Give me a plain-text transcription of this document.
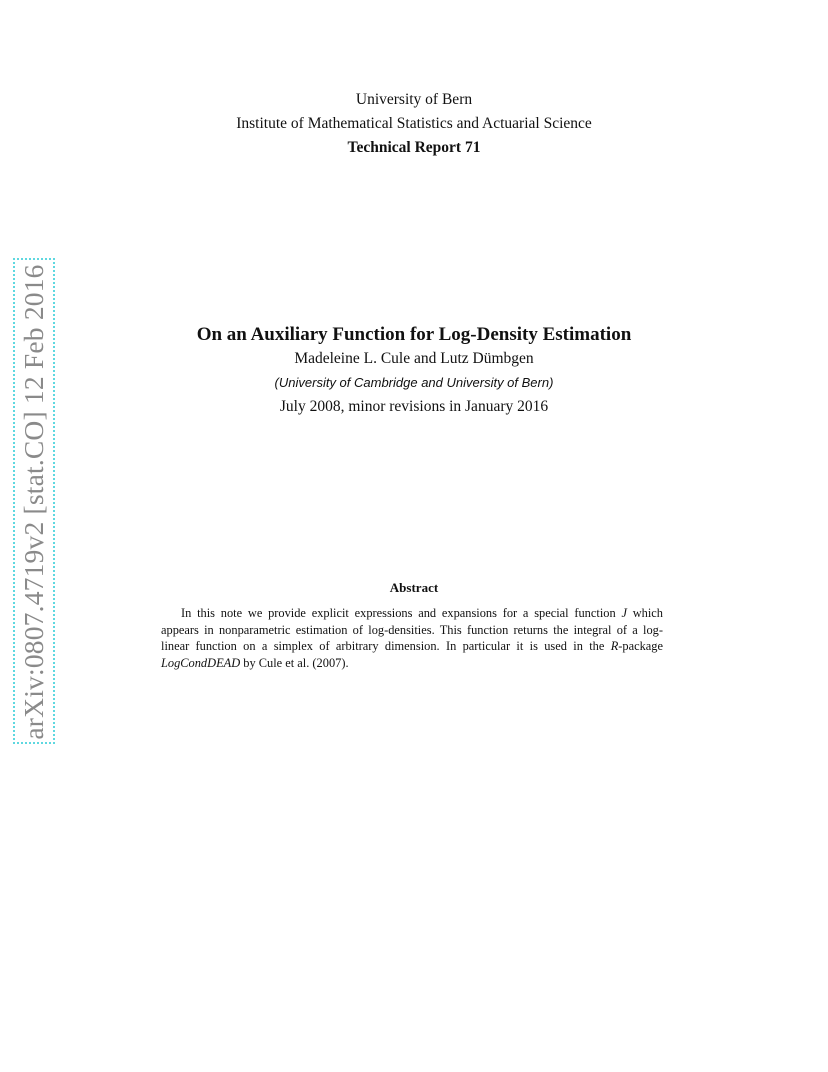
arXiv:0807.4719v2 [stat.CO] 12 Feb 2016
University of Bern
Institute of Mathematical Statistics and Actuarial Science
Technical Report 71
On an Auxiliary Function for Log-Density Estimation
Madeleine L. Cule and Lutz Dümbgen
(University of Cambridge and University of Bern)
July 2008, minor revisions in January 2016
Abstract

In this note we provide explicit expressions and expansions for a special function J which appears in nonparametric estimation of log-densities. This function returns the integral of a log-linear function on a simplex of arbitrary dimension. In particular it is used in the R-package LogCondDEAD by Cule et al. (2007).
